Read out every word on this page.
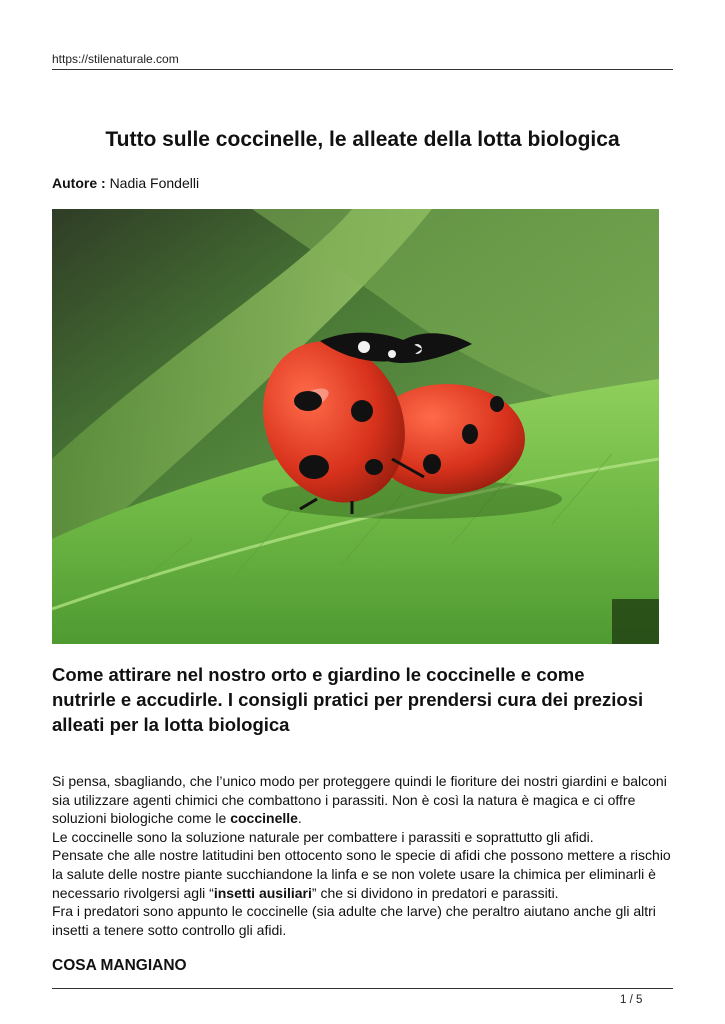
https://stilenaturale.com
Tutto sulle coccinelle, le alleate della lotta biologica
Autore : Nadia Fondelli
Come attirare nel nostro orto e giardino le coccinelle e come nutrirle e accudirle. I consigli pratici per prendersi cura dei preziosi alleati per la lotta biologica

Si pensa, sbagliando, che l’unico modo per proteggere quindi le fioriture dei nostri giardini e balconi sia utilizzare agenti chimici che combattono i parassiti. Non è così la natura è magica e ci offre soluzioni biologiche come le coccinelle.

Le coccinelle sono la soluzione naturale per combattere i parassiti e soprattutto gli afidi.

Pensate che alle nostre latitudini ben ottocento sono le specie di afidi che possono mettere a rischio la salute delle nostre piante succhiandone la linfa e se non volete usare la chimica per eliminarli è necessario rivolgersi agli “insetti ausiliari” che si dividono in predatori e parassiti.

Fra i predatori sono appunto le coccinelle (sia adulte che larve) che peraltro aiutano anche gli altri insetti a tenere sotto controllo gli afidi.

COSA MANGIANO
1 / 5
